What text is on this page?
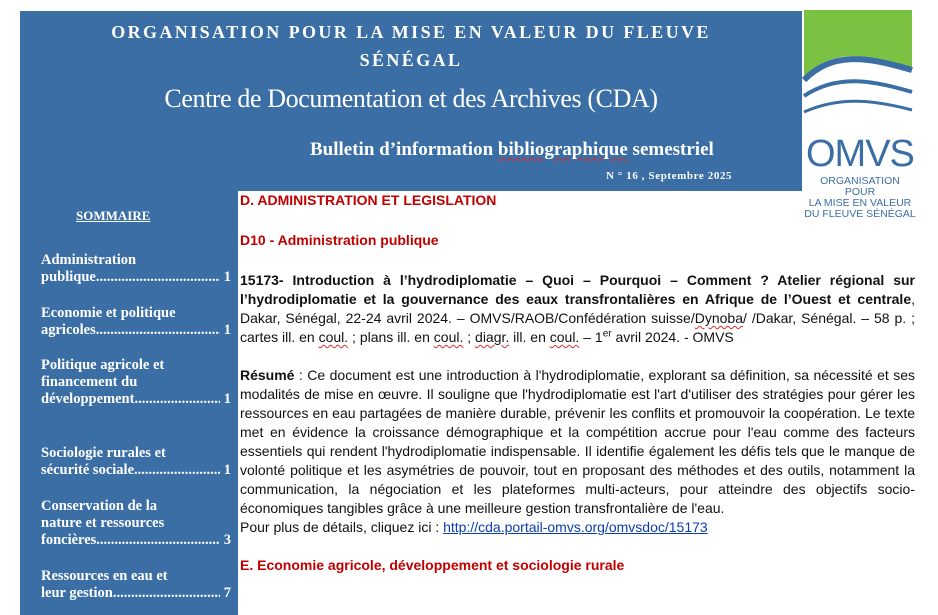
ORGANISATION POUR LA MISE EN VALEUR DU FLEUVE
SÉNÉGAL

Centre de Documentation et des Archives (CDA)

Bulletin d’information bibliographique semestriel

N ° 16 , Septembre 2025

OMVS
ORGANISATION POUR
LA MISE EN VALEUR
DU FLEUVE SÉNÉGAL

SOMMAIRE

Administration
publique .....	1
Economie et politique
agricoles .....	1
Politique agricole et
financement du
développement .....	1
Sociologie rurales et
sécurité sociale .....	1
Conservation de la
nature et ressources
foncières .....	3
Ressources en eau et
leur gestion .....	7

D. ADMINISTRATION ET LEGISLATION

D10 - Administration publique

15173- Introduction à l’hydrodiplomatie – Quoi – Pourquoi – Comment ? Atelier régional sur l’hydrodiplomatie et la gouvernance des eaux transfrontalières en Afrique de l’Ouest et centrale, Dakar, Sénégal, 22-24 avril 2024. – OMVS/RAOB/Confédération suisse/Dynoba/ /Dakar, Sénégal. – 58 p. ; cartes ill. en coul. ; plans ill. en coul. ; diagr. ill. en coul. – 1er avril 2024. - OMVS

Résumé : Ce document est une introduction à l'hydrodiplomatie, explorant sa définition, sa nécessité et ses modalités de mise en œuvre. Il souligne que l'hydrodiplomatie est l'art d'utiliser des stratégies pour gérer les ressources en eau partagées de manière durable, prévenir les conflits et promouvoir la coopération. Le texte met en évidence la croissance démographique et la compétition accrue pour l'eau comme des facteurs essentiels qui rendent l'hydrodiplomatie indispensable. Il identifie également les défis tels que le manque de volonté politique et les asymétries de pouvoir, tout en proposant des méthodes et des outils, notamment la communication, la négociation et les plateformes multi-acteurs, pour atteindre des objectifs socio-économiques tangibles grâce à une meilleure gestion transfrontalière de l'eau.

Pour plus de détails, cliquez ici : http://cda.portail-omvs.org/omvsdoc/15173

E. Economie agricole, développement et sociologie rurale
